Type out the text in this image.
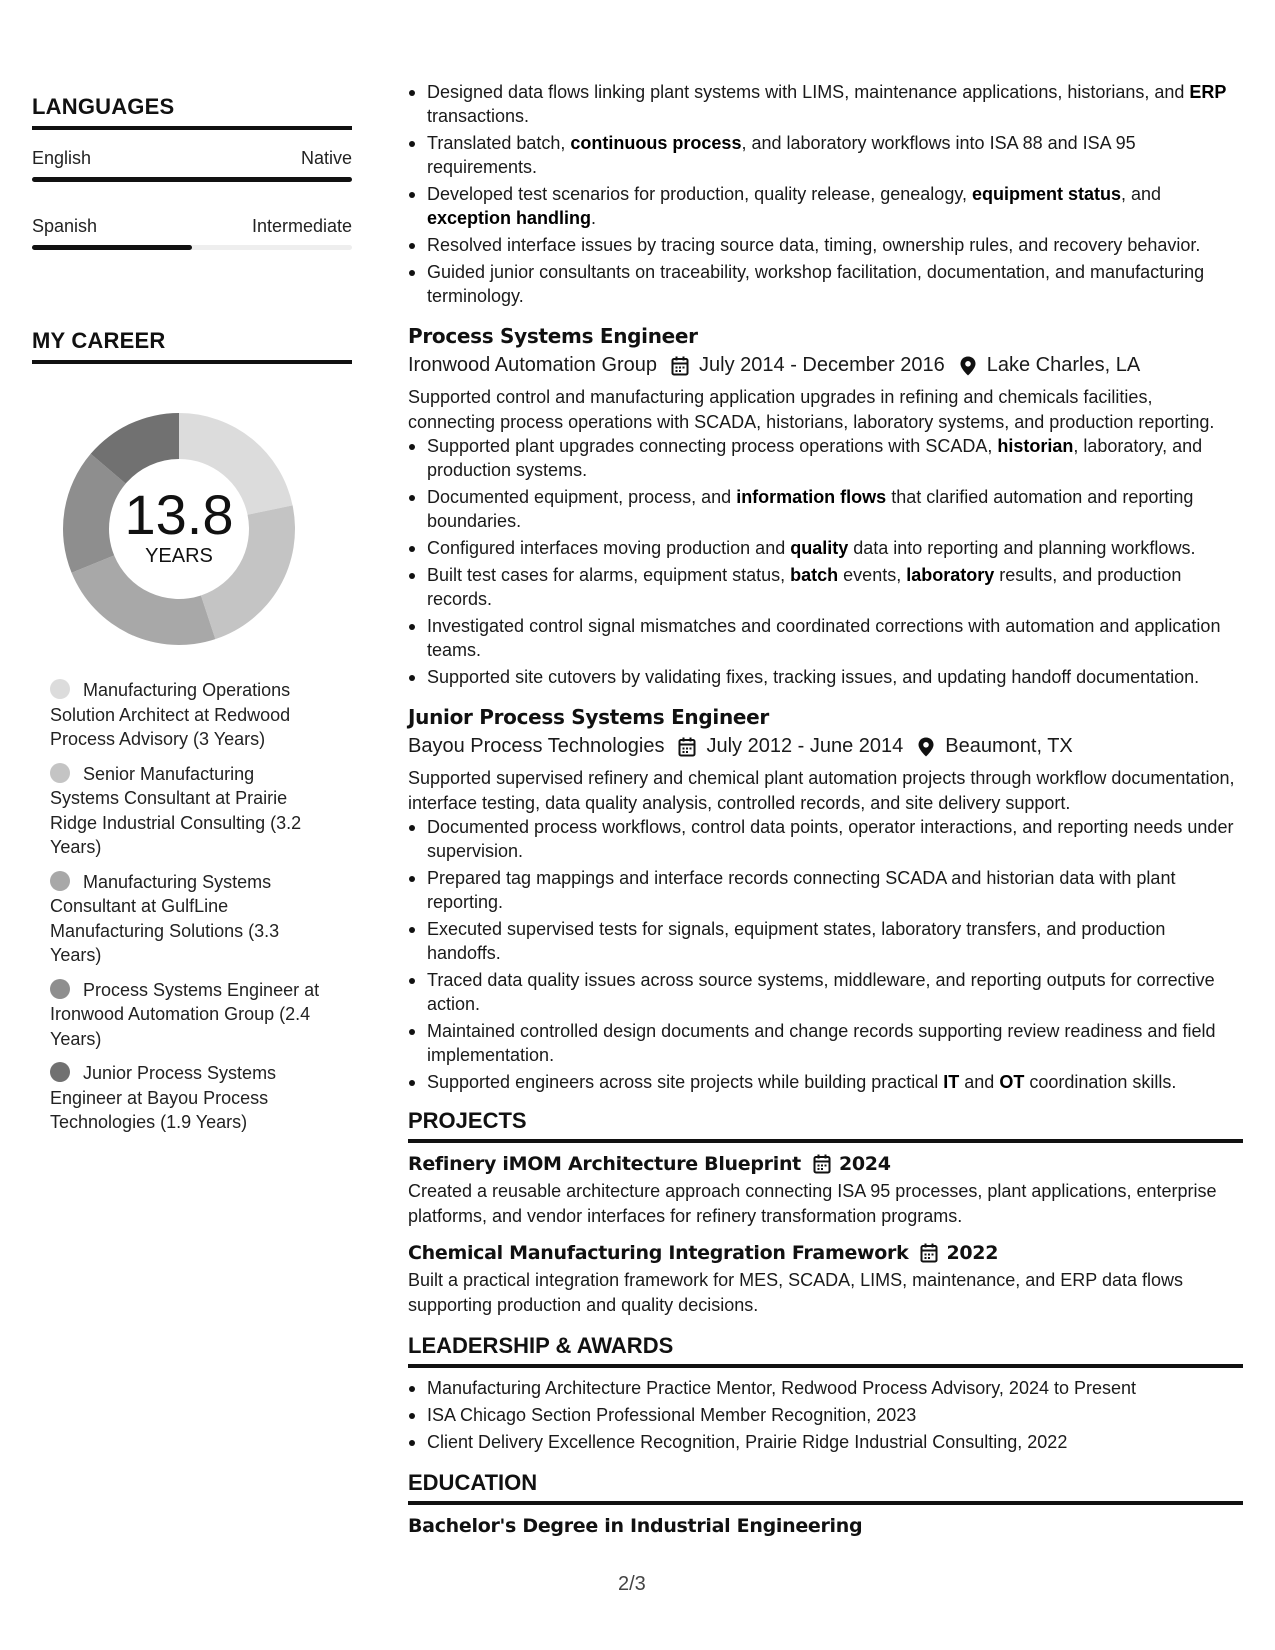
LANGUAGES
English	Native
Spanish	Intermediate
MY CAREER
13.8
YEARS
Manufacturing Operations Solution Architect at Redwood Process Advisory (3 Years)
Senior Manufacturing Systems Consultant at Prairie Ridge Industrial Consulting (3.2 Years)
Manufacturing Systems Consultant at GulfLine Manufacturing Solutions (3.3 Years)
Process Systems Engineer at Ironwood Automation Group (2.4 Years)
Junior Process Systems Engineer at Bayou Process Technologies (1.9 Years)
Designed data flows linking plant systems with LIMS, maintenance applications, historians, and ERP transactions.
Translated batch, continuous process, and laboratory workflows into ISA 88 and ISA 95 requirements.
Developed test scenarios for production, quality release, genealogy, equipment status, and exception handling.
Resolved interface issues by tracing source data, timing, ownership rules, and recovery behavior.
Guided junior consultants on traceability, workshop facilitation, documentation, and manufacturing terminology.
Process Systems Engineer
Ironwood Automation Group July 2014 - December 2016 Lake Charles, LA
Supported control and manufacturing application upgrades in refining and chemicals facilities, connecting process operations with SCADA, historians, laboratory systems, and production reporting.
Supported plant upgrades connecting process operations with SCADA, historian, laboratory, and production systems.
Documented equipment, process, and information flows that clarified automation and reporting boundaries.
Configured interfaces moving production and quality data into reporting and planning workflows.
Built test cases for alarms, equipment status, batch events, laboratory results, and production records.
Investigated control signal mismatches and coordinated corrections with automation and application teams.
Supported site cutovers by validating fixes, tracking issues, and updating handoff documentation.
Junior Process Systems Engineer
Bayou Process Technologies July 2012 - June 2014 Beaumont, TX
Supported supervised refinery and chemical plant automation projects through workflow documentation, interface testing, data quality analysis, controlled records, and site delivery support.
Documented process workflows, control data points, operator interactions, and reporting needs under supervision.
Prepared tag mappings and interface records connecting SCADA and historian data with plant reporting.
Executed supervised tests for signals, equipment states, laboratory transfers, and production handoffs.
Traced data quality issues across source systems, middleware, and reporting outputs for corrective action.
Maintained controlled design documents and change records supporting review readiness and field implementation.
Supported engineers across site projects while building practical IT and OT coordination skills.
PROJECTS
Refinery iMOM Architecture Blueprint 2024
Created a reusable architecture approach connecting ISA 95 processes, plant applications, enterprise platforms, and vendor interfaces for refinery transformation programs.
Chemical Manufacturing Integration Framework 2022
Built a practical integration framework for MES, SCADA, LIMS, maintenance, and ERP data flows supporting production and quality decisions.
LEADERSHIP & AWARDS
Manufacturing Architecture Practice Mentor, Redwood Process Advisory, 2024 to Present
ISA Chicago Section Professional Member Recognition, 2023
Client Delivery Excellence Recognition, Prairie Ridge Industrial Consulting, 2022
EDUCATION
Bachelor's Degree in Industrial Engineering
2/3
